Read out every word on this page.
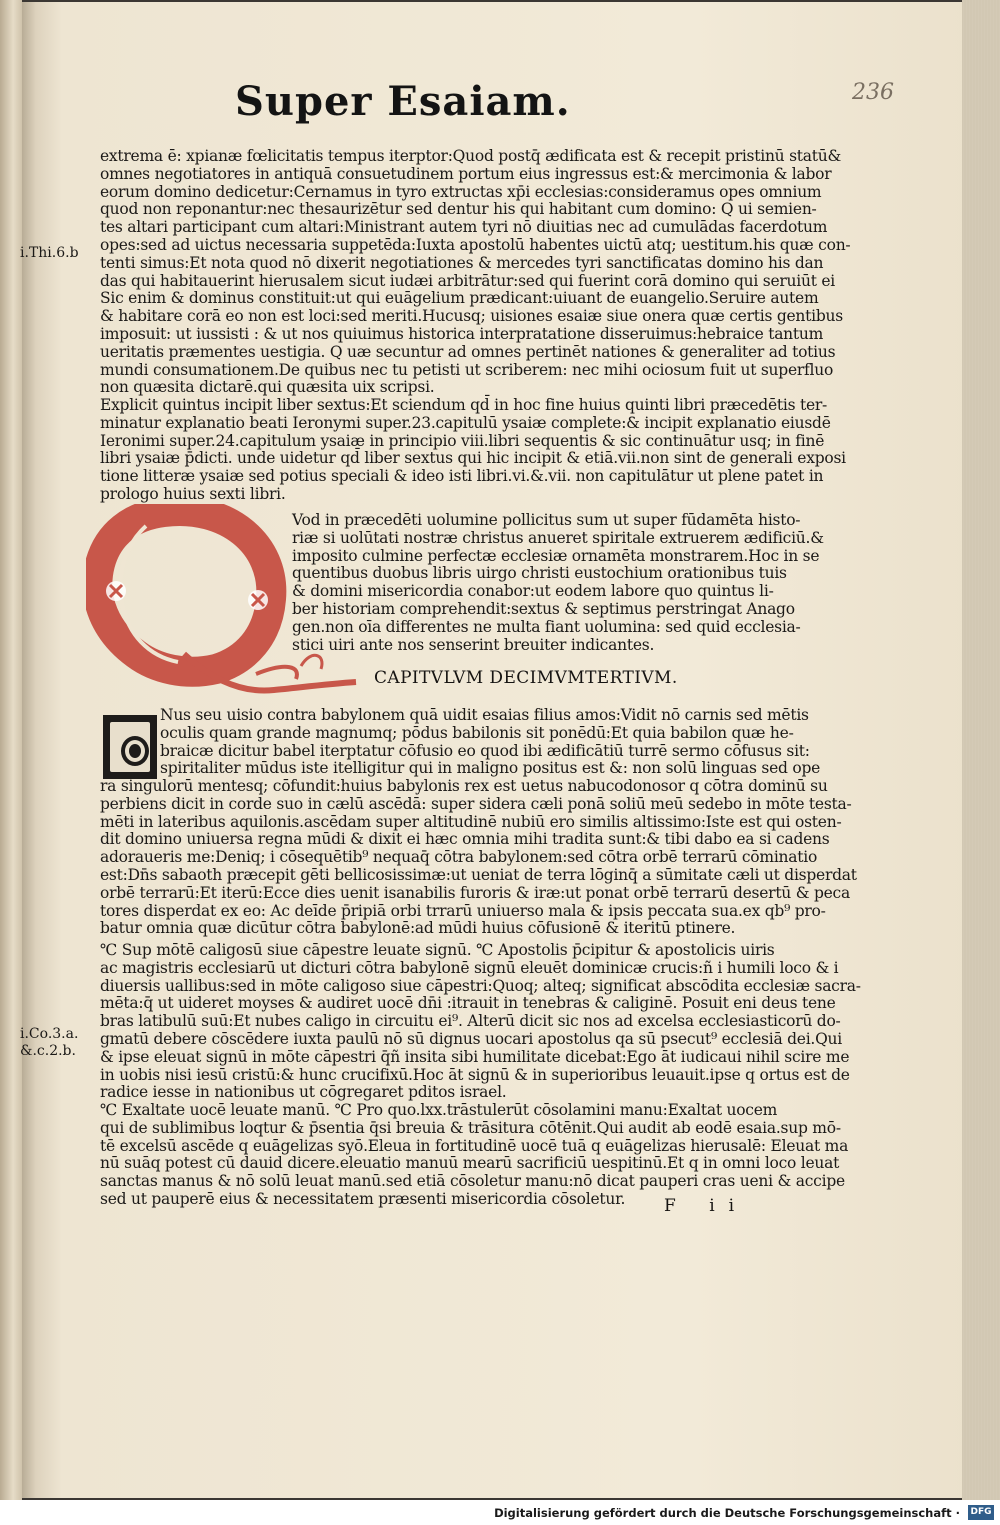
Super Esaiam.	236
i.Thi.6.b
i.Co.3.a.
&.c.2.b.
extrema ē: xpianæ fœlicitatis tempus iterptor:Quod postq̄ ædificata est & recepit pristinū statū&
omnes negotiatores in antiquā consuetudinem portum eius ingressus est:& mercimonia & labor
eorum domino dedicetur:Cernamus in tyro extructas xp̄i ecclesias:consideramus opes omnium
quod non reponantur:nec thesaurizētur sed dentur his qui habitant cum domino: Q ui semien-
tes altari participant cum altari:Ministrant autem tyri nō diuitias nec ad cumulādas facerdotum
opes:sed ad uictus necessaria suppetēda:Iuxta apostolū habentes uictū atq; uestitum.his quæ con-
tenti simus:Et nota quod nō dixerit negotiationes & mercedes tyri sanctificatas domino his dan
das qui habitauerint hierusalem sicut iudæi arbitrātur:sed qui fuerint corā domino qui seruiūt ei
Sic enim & dominus constituit:ut qui euāgelium prædicant:uiuant de euangelio.Seruire autem
& habitare corā eo non est loci:sed meriti.Hucusq; uisiones esaiæ siue onera quæ certis gentibus
imposuit: ut iussisti : & ut nos quiuimus historica interpratatione disseruimus:hebraice tantum
ueritatis præmentes uestigia. Q uæ secuntur ad omnes pertinēt nationes & generaliter ad totius
mundi consumationem.De quibus nec tu petisti ut scriberem: nec mihi ociosum fuit ut superfluo
non quæsita dictarē.qui quæsita uix scripsi.
Explicit quintus incipit liber sextus:Et sciendum qd̄ in hoc fine huius quinti libri præcedētis ter-
minatur explanatio beati Ieronymi super.23.capitulū ysaiæ complete:& incipit explanatio eiusdē
Ieronimi super.24.capitulum ysaiæ in principio viii.libri sequentis & sic continuātur usq; in finē
libri ysaiæ p̄dicti. unde uidetur qd̄ liber sextus qui hic incipit & etiā.vii.non sint de generali exposi
tione litteræ ysaiæ sed potius speciali & ideo isti libri.vi.&.vii. non capitulātur ut plene patet in
prologo huius sexti libri.
Q
Vod in præcedēti uolumine pollicitus sum ut super fūdamēta histo-
riæ si uolūtati nostræ christus anueret spiritale extruerem ædificiū.&
imposito culmine perfectæ ecclesiæ ornamēta monstrarem.Hoc in se
quentibus duobus libris uirgo christi eustochium orationibus tuis
& domini misericordia conabor:ut eodem labore quo quintus li-
ber historiam comprehendit:sextus & septimus perstringat Anago
gen.non oīa differentes ne multa fiant uolumina: sed quid ecclesia-
stici uiri ante nos senserint breuiter indicantes.
CAPITVLVM DECIMVMTERTIVM.
Nus seu uisio contra babylonem quā uidit esaias filius amos:Vidit nō carnis sed mētis
oculis quam grande magnumq; pōdus babilonis sit ponēdū:Et quia babilon quæ he-
braicæ dicitur babel iterptatur cōfusio eo quod ibi ædificātiū turrē sermo cōfusus sit:
spiritaliter mūdus iste itelligitur qui in maligno positus est &: non solū linguas sed ope
ra singulorū mentesq; cōfundit:huius babylonis rex est uetus nabucodonosor q cōtra dominū su
perbiens dicit in corde suo in cælū ascēdā: super sidera cæli ponā soliū meū sedebo in mōte testa-
mēti in lateribus aquilonis.ascēdam super altitudinē nubiū ero similis altissimo:Iste est qui osten-
dit domino uniuersa regna mūdi & dixit ei hæc omnia mihi tradita sunt:& tibi dabo ea si cadens
adoraueris me:Deniq; i cōsequētib⁹ nequaq̄ cōtra babylonem:sed cōtra orbē terrarū cōminatio
est:Dn̄s sabaoth præcepit gēti bellicosissimæ:ut ueniat de terra lōginq̄ a sūmitate cæli ut disperdat
orbē terrarū:Et iterū:Ecce dies uenit isanabilis furoris & iræ:ut ponat orbē terrarū desertū & peca
tores disperdat ex eo: Ac deīde p̄ripiā orbi trrarū uniuerso mala & ipsis peccata sua.ex qb⁹ pro-
batur omnia quæ dicūtur cōtra babylonē:ad mūdi huius cōfusionē & iteritū ptinere.
℃ Sup mōtē caligosū siue cāpestre leuate signū. ℃ Apostolis p̄cipitur & apostolicis uiris
ac magistris ecclesiarū ut dicturi cōtra babylonē signū eleuēt dominicæ crucis:ñ i humili loco & i
diuersis uallibus:sed in mōte caligoso siue cāpestri:Quoq; alteq; significat abscōdita ecclesiæ sacra-
mēta:q̄ ut uideret moyses & audiret uocē dn̄i :itrauit in tenebras & caliginē. Posuit eni deus tene
bras latibulū suū:Et nubes caligo in circuitu ei⁹. Alterū dicit sic nos ad excelsa ecclesiasticorū do-
gmatū debere cōscēdere iuxta paulū nō sū dignus uocari apostolus qa sū psecut⁹ ecclesiā dei.Qui
& ipse eleuat signū in mōte cāpestri q̄ñ insita sibi humilitate dicebat:Ego āt iudicaui nihil scire me
in uobis nisi iesū cristū:& hunc crucifixū.Hoc āt signū & in superioribus leuauit.ipse q ortus est de
radice iesse in nationibus ut cōgregaret pditos israel.
℃ Exaltate uocē leuate manū. ℃ Pro quo.lxx.trāstulerūt cōsolamini manu:Exaltat uocem
qui de sublimibus loqtur & p̄sentia q̄si breuia & trāsitura cōtēnit.Qui audit ab eodē esaia.sup mō-
tē excelsū ascēde q euāgelizas syō.Eleua in fortitudinē uocē tuā q euāgelizas hierusalē: Eleuat ma
nū suāq potest cū dauid dicere.eleuatio manuū mearū sacrificiū uespitinū.Et q in omni loco leuat
sanctas manus & nō solū leuat manū.sed etiā cōsoletur manu:nō dicat pauperi cras ueni & accipe
sed ut pauperē eius & necessitatem præsenti misericordia cōsoletur.	F ii
Digitalisierung gefördert durch die Deutsche Forschungsgemeinschaft · DFG
